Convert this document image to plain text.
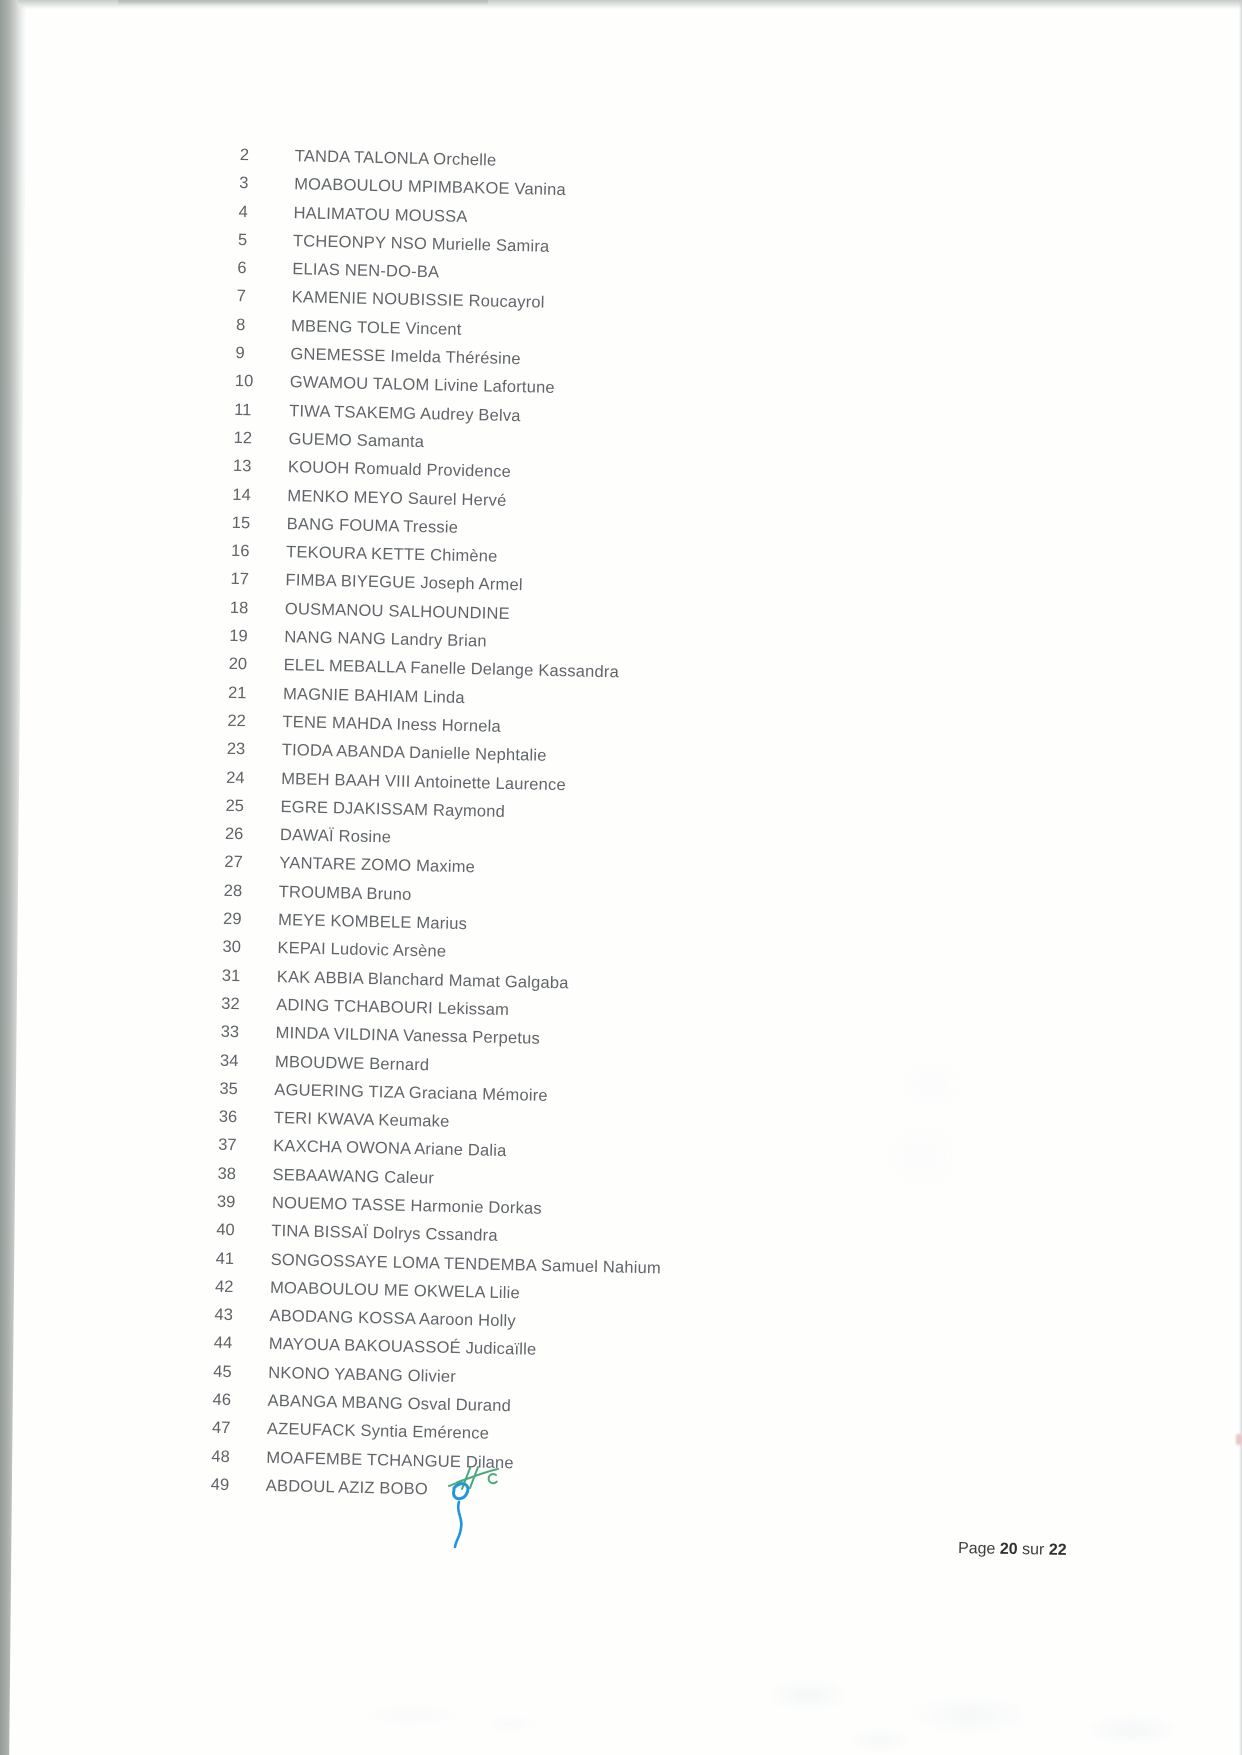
2	TANDA TALONLA Orchelle
3	MOABOULOU MPIMBAKOE Vanina
4	HALIMATOU MOUSSA
5	TCHEONPY NSO Murielle Samira
6	ELIAS NEN-DO-BA
7	KAMENIE NOUBISSIE Roucayrol
8	MBENG TOLE Vincent
9	GNEMESSE Imelda Thérésine
10	GWAMOU TALOM Livine Lafortune
11	TIWA TSAKEMG Audrey Belva
12	GUEMO Samanta
13	KOUOH Romuald Providence
14	MENKO MEYO Saurel Hervé
15	BANG FOUMA Tressie
16	TEKOURA KETTE Chimène
17	FIMBA BIYEGUE Joseph Armel
18	OUSMANOU SALHOUNDINE
19	NANG NANG Landry Brian
20	ELEL MEBALLA Fanelle Delange Kassandra
21	MAGNIE BAHIAM Linda
22	TENE MAHDA Iness Hornela
23	TIODA ABANDA Danielle Nephtalie
24	MBEH BAAH VIII Antoinette Laurence
25	EGRE DJAKISSAM Raymond
26	DAWAÏ Rosine
27	YANTARE ZOMO Maxime
28	TROUMBA Bruno
29	MEYE KOMBELE Marius
30	KEPAI Ludovic Arsène
31	KAK ABBIA Blanchard Mamat Galgaba
32	ADING TCHABOURI Lekissam
33	MINDA VILDINA Vanessa Perpetus
34	MBOUDWE Bernard
35	AGUERING TIZA Graciana Mémoire
36	TERI KWAVA Keumake
37	KAXCHA OWONA Ariane Dalia
38	SEBAAWANG Caleur
39	NOUEMO TASSE Harmonie Dorkas
40	TINA BISSAÏ Dolrys Cssandra
41	SONGOSSAYE LOMA TENDEMBA Samuel Nahium
42	MOABOULOU ME OKWELA Lilie
43	ABODANG KOSSA Aaroon Holly
44	MAYOUA BAKOUASSOÉ Judicaïlle
45	NKONO YABANG Olivier
46	ABANGA MBANG Osval Durand
47	AZEUFACK Syntia Emérence
48	MOAFEMBE TCHANGUE Dilane
49	ABDOUL AZIZ BOBO
Page 20 sur 22
